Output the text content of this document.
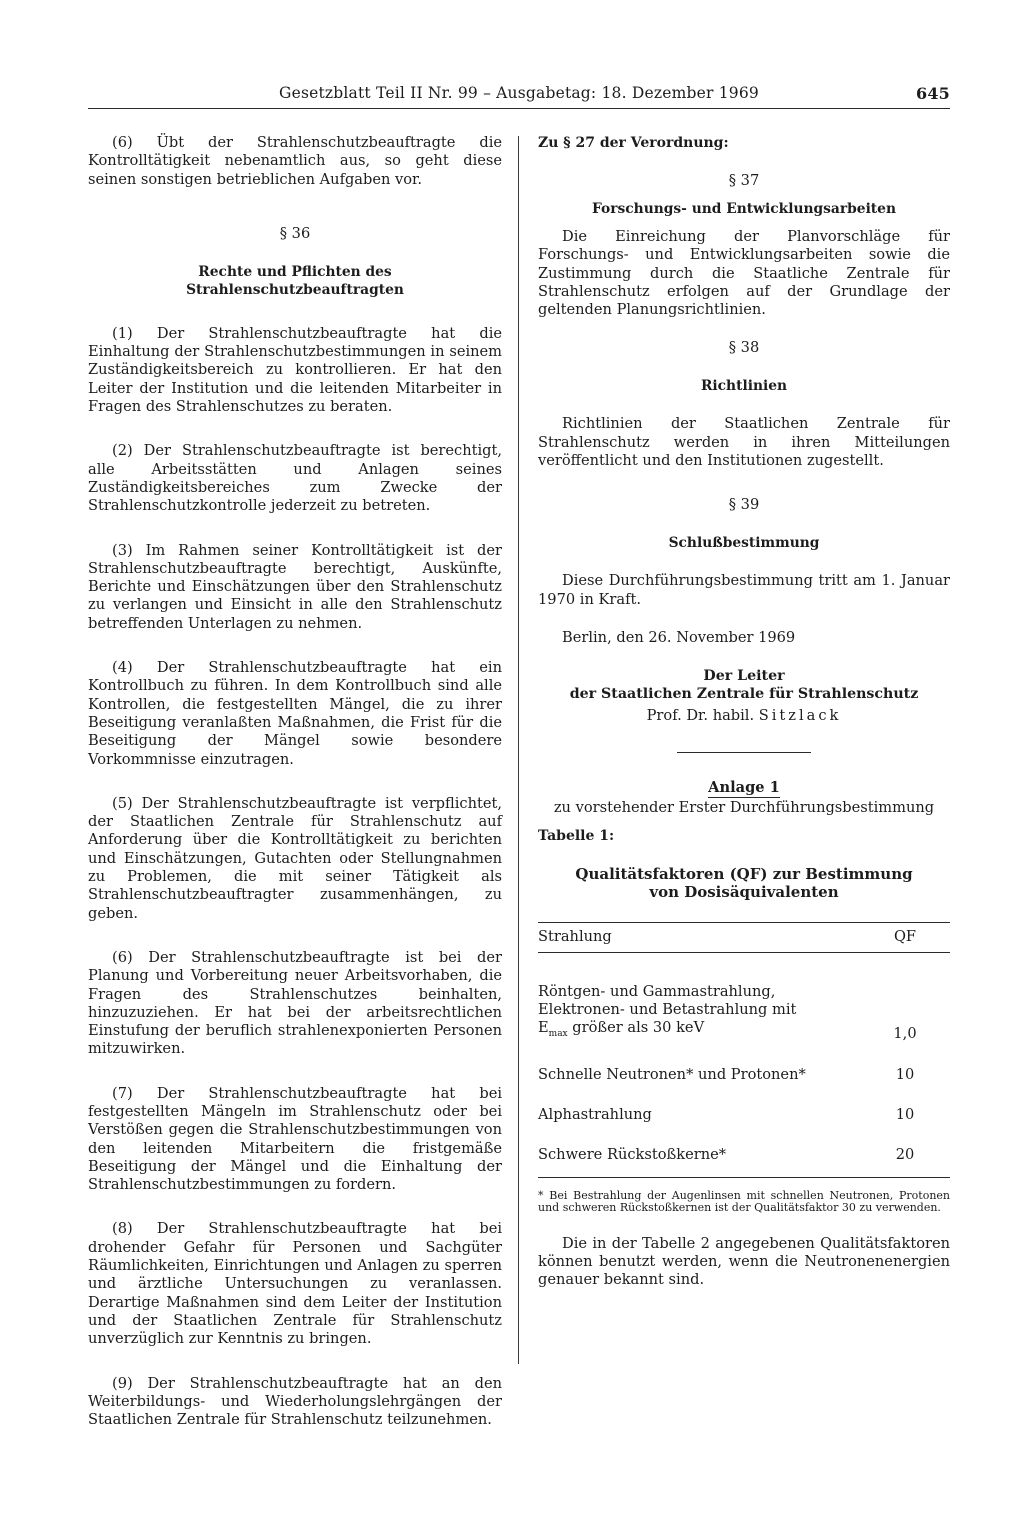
Gesetzblatt Teil II Nr. 99 – Ausgabetag: 18. Dezember 1969	645

(6) Übt der Strahlenschutzbeauftragte die Kontrolltätigkeit nebenamtlich aus, so geht diese seinen sonstigen betrieblichen Aufgaben vor.

§ 36
Rechte und Pflichten des Strahlenschutzbeauftragten

(1) Der Strahlenschutzbeauftragte hat die Einhaltung der Strahlenschutzbestimmungen in seinem Zuständigkeitsbereich zu kontrollieren. Er hat den Leiter der Institution und die leitenden Mitarbeiter in Fragen des Strahlenschutzes zu beraten.

(2) Der Strahlenschutzbeauftragte ist berechtigt, alle Arbeitsstätten und Anlagen seines Zuständigkeitsbereiches zum Zwecke der Strahlenschutzkontrolle jederzeit zu betreten.

(3) Im Rahmen seiner Kontrolltätigkeit ist der Strahlenschutzbeauftragte berechtigt, Auskünfte, Berichte und Einschätzungen über den Strahlenschutz zu verlangen und Einsicht in alle den Strahlenschutz betreffenden Unterlagen zu nehmen.

(4) Der Strahlenschutzbeauftragte hat ein Kontrollbuch zu führen. In dem Kontrollbuch sind alle Kontrollen, die festgestellten Mängel, die zu ihrer Beseitigung veranlaßten Maßnahmen, die Frist für die Beseitigung der Mängel sowie besondere Vorkommnisse einzutragen.

(5) Der Strahlenschutzbeauftragte ist verpflichtet, der Staatlichen Zentrale für Strahlenschutz auf Anforderung über die Kontrolltätigkeit zu berichten und Einschätzungen, Gutachten oder Stellungnahmen zu Problemen, die mit seiner Tätigkeit als Strahlenschutzbeauftragter zusammenhängen, zu geben.

(6) Der Strahlenschutzbeauftragte ist bei der Planung und Vorbereitung neuer Arbeitsvorhaben, die Fragen des Strahlenschutzes beinhalten, hinzuzuziehen. Er hat bei der arbeitsrechtlichen Einstufung der beruflich strahlenexponierten Personen mitzuwirken.

(7) Der Strahlenschutzbeauftragte hat bei festgestellten Mängeln im Strahlenschutz oder bei Verstößen gegen die Strahlenschutzbestimmungen von den leitenden Mitarbeitern die fristgemäße Beseitigung der Mängel und die Einhaltung der Strahlenschutzbestimmungen zu fordern.

(8) Der Strahlenschutzbeauftragte hat bei drohender Gefahr für Personen und Sachgüter Räumlichkeiten, Einrichtungen und Anlagen zu sperren und ärztliche Untersuchungen zu veranlassen. Derartige Maßnahmen sind dem Leiter der Institution und der Staatlichen Zentrale für Strahlenschutz unverzüglich zur Kenntnis zu bringen.

(9) Der Strahlenschutzbeauftragte hat an den Weiterbildungs- und Wiederholungslehrgängen der Staatlichen Zentrale für Strahlenschutz teilzunehmen.

Zu § 27 der Verordnung:
§ 37
Forschungs- und Entwicklungsarbeiten

Die Einreichung der Planvorschläge für Forschungs- und Entwicklungsarbeiten sowie die Zustimmung durch die Staatliche Zentrale für Strahlenschutz erfolgen auf der Grundlage der geltenden Planungsrichtlinien.

§ 38
Richtlinien

Richtlinien der Staatlichen Zentrale für Strahlenschutz werden in ihren Mitteilungen veröffentlicht und den Institutionen zugestellt.

§ 39
Schlußbestimmung

Diese Durchführungsbestimmung tritt am 1. Januar 1970 in Kraft.

Berlin, den 26. November 1969

Der Leiter
der Staatlichen Zentrale für Strahlenschutz
Prof. Dr. habil. Sitzlack
Anlage 1
zu vorstehender Erster Durchführungsbestimmung
Tabelle 1:
Qualitätsfaktoren (QF) zur Bestimmung von Dosisäquivalenten
Strahlung	QF

Röntgen- und Gammastrahlung,
Elektronen- und Betastrahlung mit
$E_{max}$ größer als 30 keV	1,0
Schnelle Neutronen* und Protonen*	10
Alphastrahlung	10
Schwere Rückstoßkerne*	20
* Bei Bestrahlung der Augenlinsen mit schnellen Neutronen, Protonen und schweren Rückstoßkernen ist der Qualitätsfaktor 30 zu verwenden.

Die in der Tabelle 2 angegebenen Qualitätsfaktoren können benutzt werden, wenn die Neutronenenergien genauer bekannt sind.
